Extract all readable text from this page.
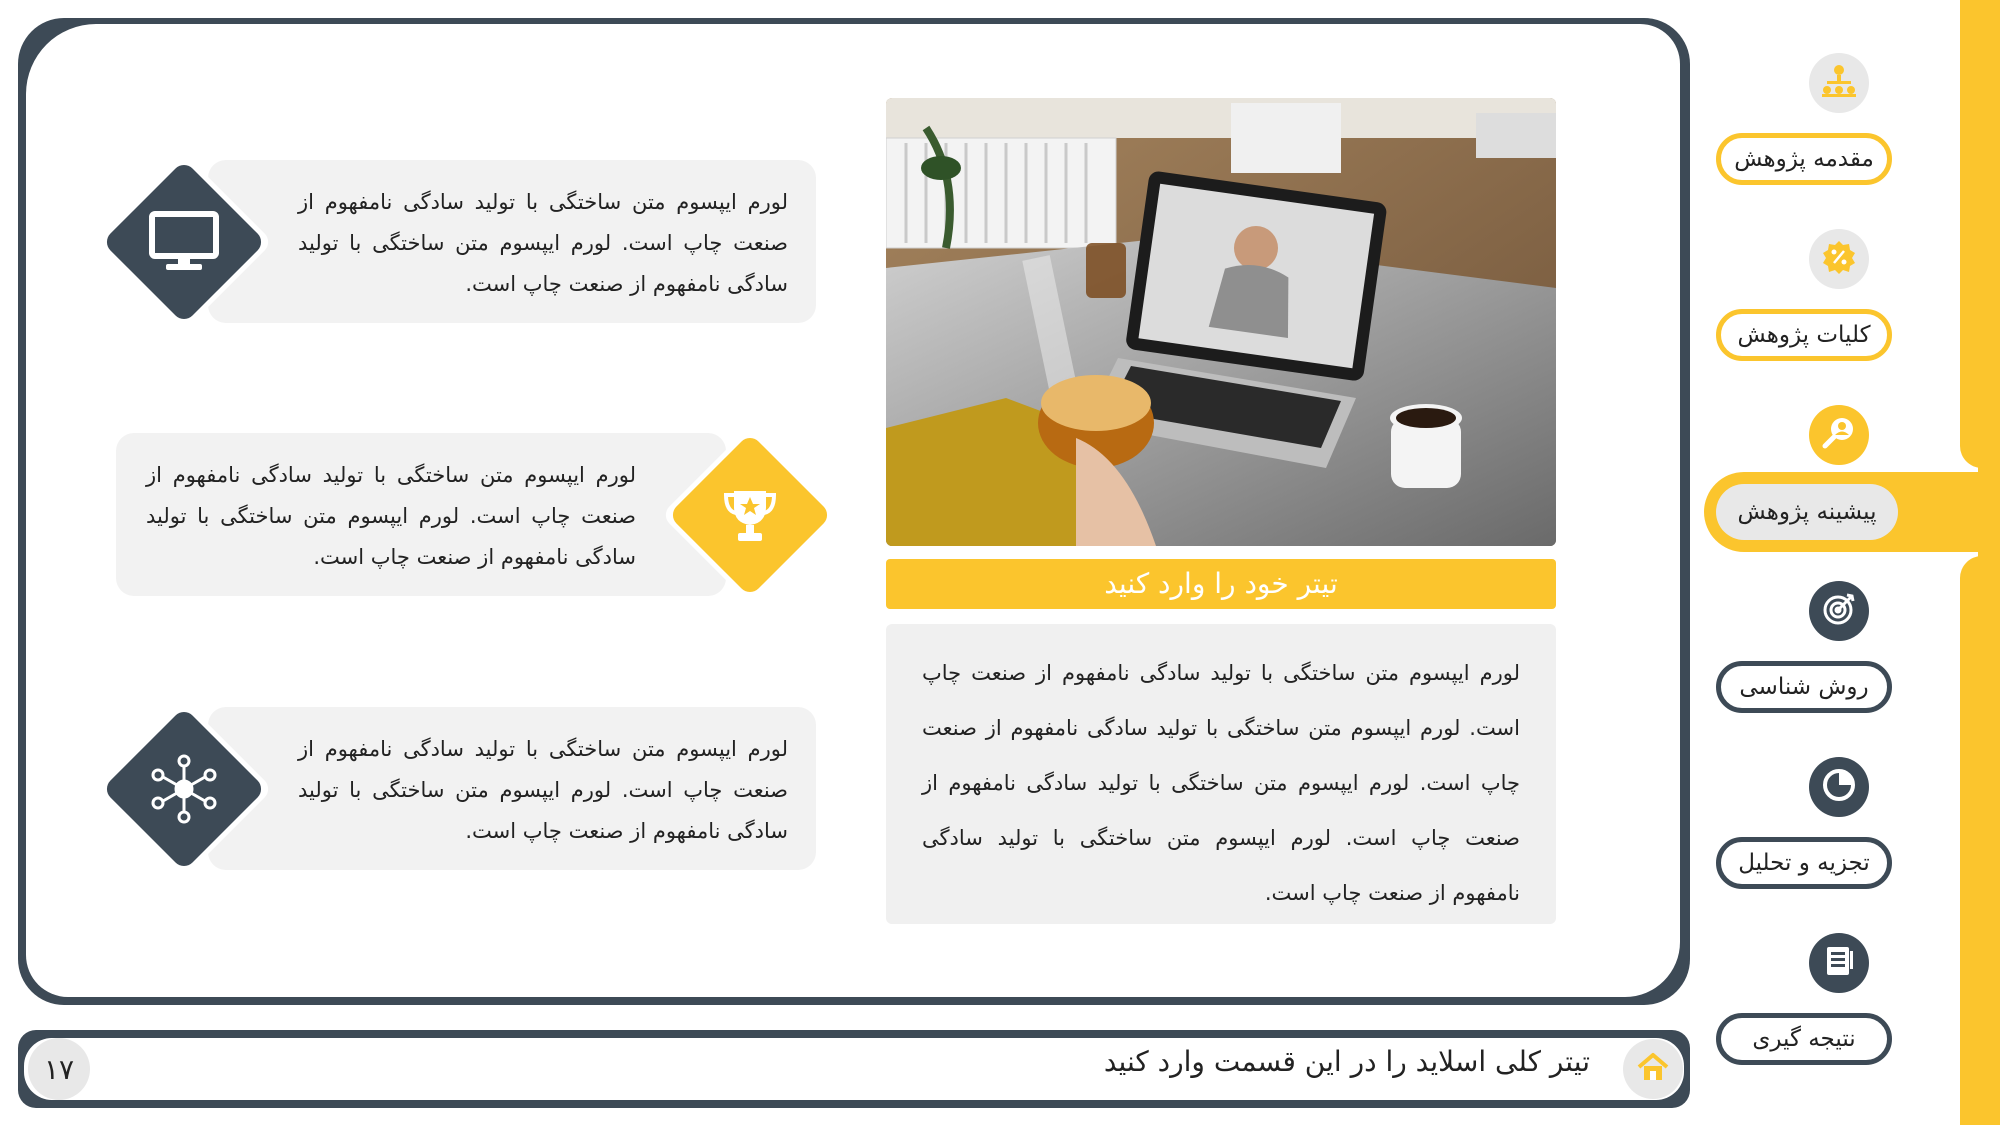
تیتر خود را وارد کنید
لورم ایپسوم متن ساختگی با تولید سادگی نامفهوم از صنعت چاپ است. لورم ایپسوم متن ساختگی با تولید سادگی نامفهوم از صنعت چاپ است. لورم ایپسوم متن ساختگی با تولید سادگی نامفهوم از صنعت چاپ است. لورم ایپسوم متن ساختگی با تولید سادگی نامفهوم از صنعت چاپ است.
لورم ایپسوم متن ساختگی با تولید سادگی نامفهوم از صنعت چاپ است. لورم ایپسوم متن ساختگی با تولید سادگی نامفهوم از صنعت چاپ است.
لورم ایپسوم متن ساختگی با تولید سادگی نامفهوم از صنعت چاپ است. لورم ایپسوم متن ساختگی با تولید سادگی نامفهوم از صنعت چاپ است.
لورم ایپسوم متن ساختگی با تولید سادگی نامفهوم از صنعت چاپ است. لورم ایپسوم متن ساختگی با تولید سادگی نامفهوم از صنعت چاپ است.
تیتر کلی اسلاید را در این قسمت وارد کنید
۱۷
مقدمه پژوهش
کلیات پژوهش
پیشینه پژوهش
روش شناسی
تجزیه و تحلیل
نتیجه گیری
